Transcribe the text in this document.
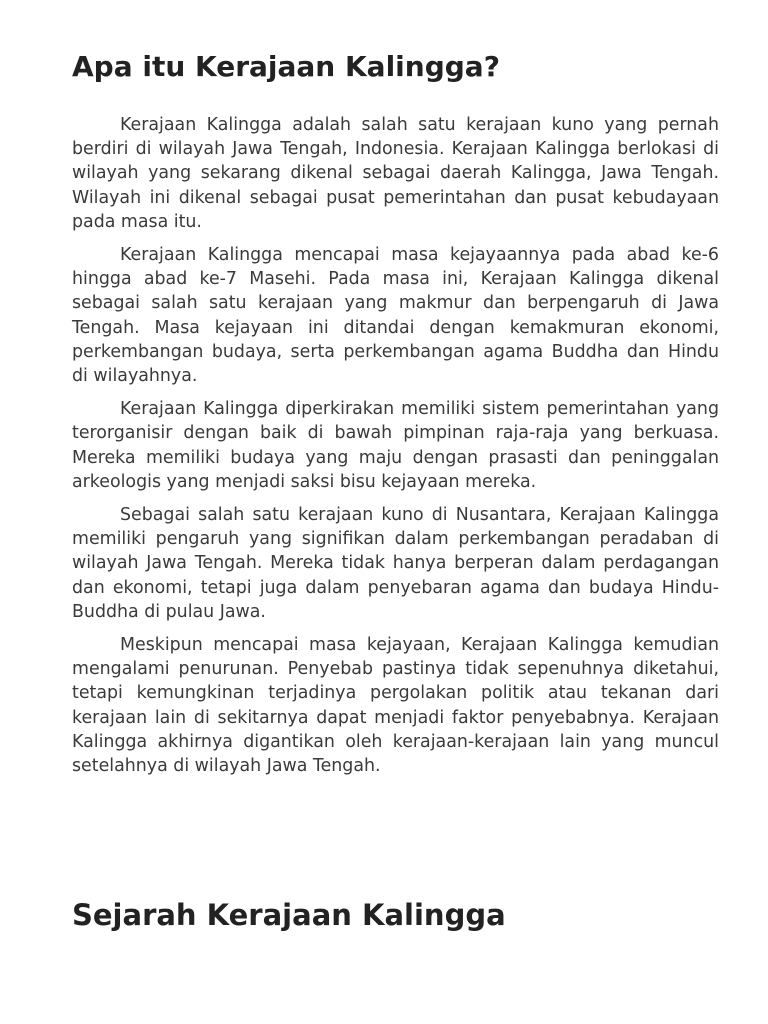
Apa itu Kerajaan Kalingga?

Kerajaan Kalingga adalah salah satu kerajaan kuno yang pernah berdiri di wilayah Jawa Tengah, Indonesia. Kerajaan Kalingga berlokasi di wilayah yang sekarang dikenal sebagai daerah Kalingga, Jawa Tengah. Wilayah ini dikenal sebagai pusat pemerintahan dan pusat kebudayaan pada masa itu.

Kerajaan Kalingga mencapai masa kejayaannya pada abad ke-6 hingga abad ke-7 Masehi. Pada masa ini, Kerajaan Kalingga dikenal sebagai salah satu kerajaan yang makmur dan berpengaruh di Jawa Tengah. Masa kejayaan ini ditandai dengan kemakmuran ekonomi, perkembangan budaya, serta perkembangan agama Buddha dan Hindu di wilayahnya.

Kerajaan Kalingga diperkirakan memiliki sistem pemerintahan yang terorganisir dengan baik di bawah pimpinan raja-raja yang berkuasa. Mereka memiliki budaya yang maju dengan prasasti dan peninggalan arkeologis yang menjadi saksi bisu kejayaan mereka.

Sebagai salah satu kerajaan kuno di Nusantara, Kerajaan Kalingga memiliki pengaruh yang signifikan dalam perkembangan peradaban di wilayah Jawa Tengah. Mereka tidak hanya berperan dalam perdagangan dan ekonomi, tetapi juga dalam penyebaran agama dan budaya Hindu-Buddha di pulau Jawa.

Meskipun mencapai masa kejayaan, Kerajaan Kalingga kemudian mengalami penurunan. Penyebab pastinya tidak sepenuhnya diketahui, tetapi kemungkinan terjadinya pergolakan politik atau tekanan dari kerajaan lain di sekitarnya dapat menjadi faktor penyebabnya. Kerajaan Kalingga akhirnya digantikan oleh kerajaan-kerajaan lain yang muncul setelahnya di wilayah Jawa Tengah.

Sejarah Kerajaan Kalingga
